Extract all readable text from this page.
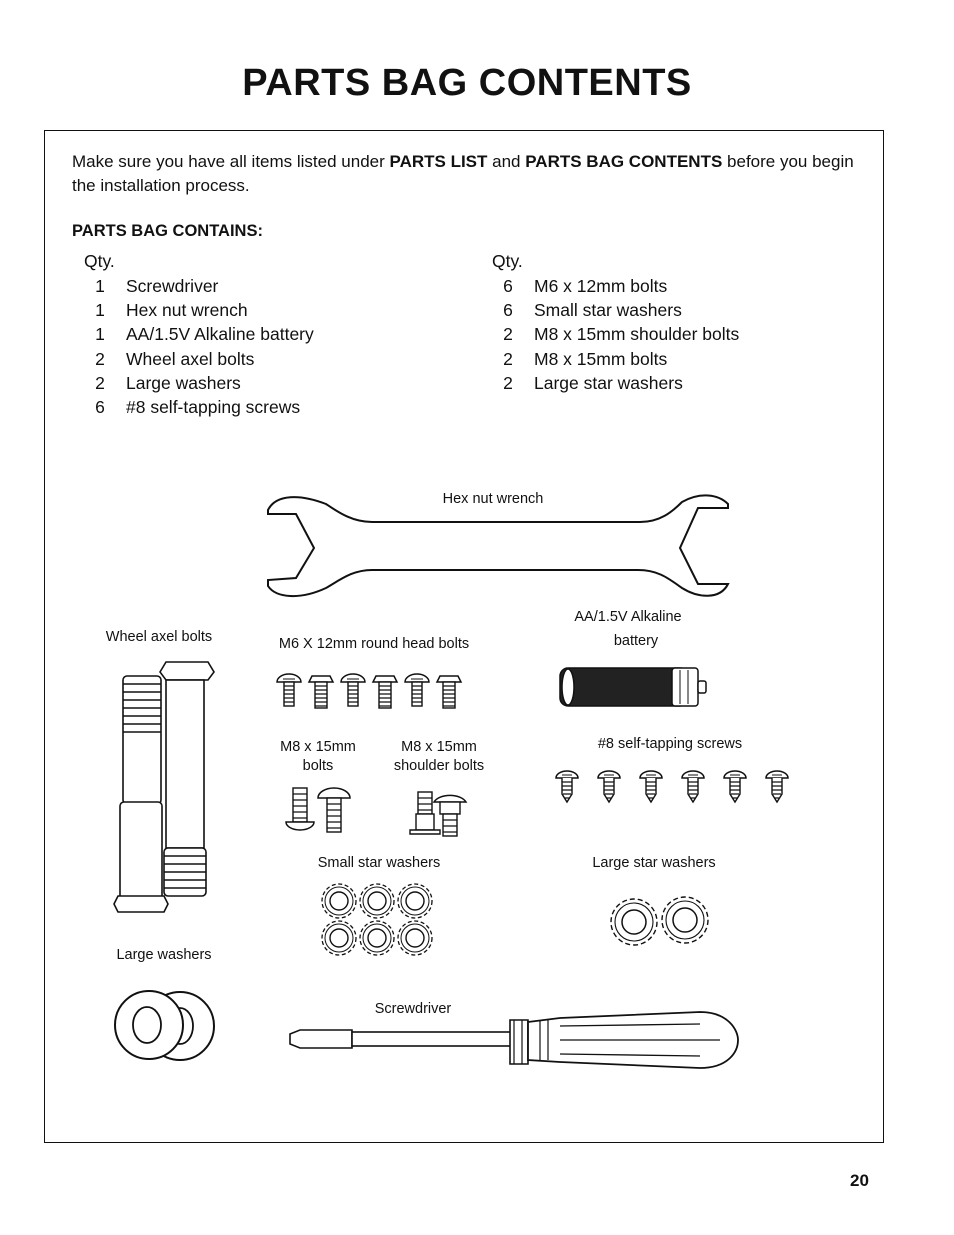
PARTS BAG CONTENTS

Make sure you have all items listed under PARTS LIST and PARTS BAG CONTENTS before you begin the installation process.

PARTS BAG CONTAINS:

Qty.
1	Screwdriver
1	Hex nut wrench
1	AA/1.5V Alkaline battery
2	Wheel axel bolts
2	Large washers
6	#8 self-tapping screws
Qty.
6	M6 x 12mm bolts
6	Small star washers
2	M8 x 15mm shoulder bolts
2	M8 x 15mm bolts
2	Large star washers
Hex nut wrench
Wheel axel bolts	M6 X 12mm round head bolts
AA/1.5V Alkaline
battery
M8 x 15mm
bolts
M8 x 15mm
shoulder bolts
#8 self-tapping screws
Small star washers	Large star washers
Large washers
Screwdriver
20
